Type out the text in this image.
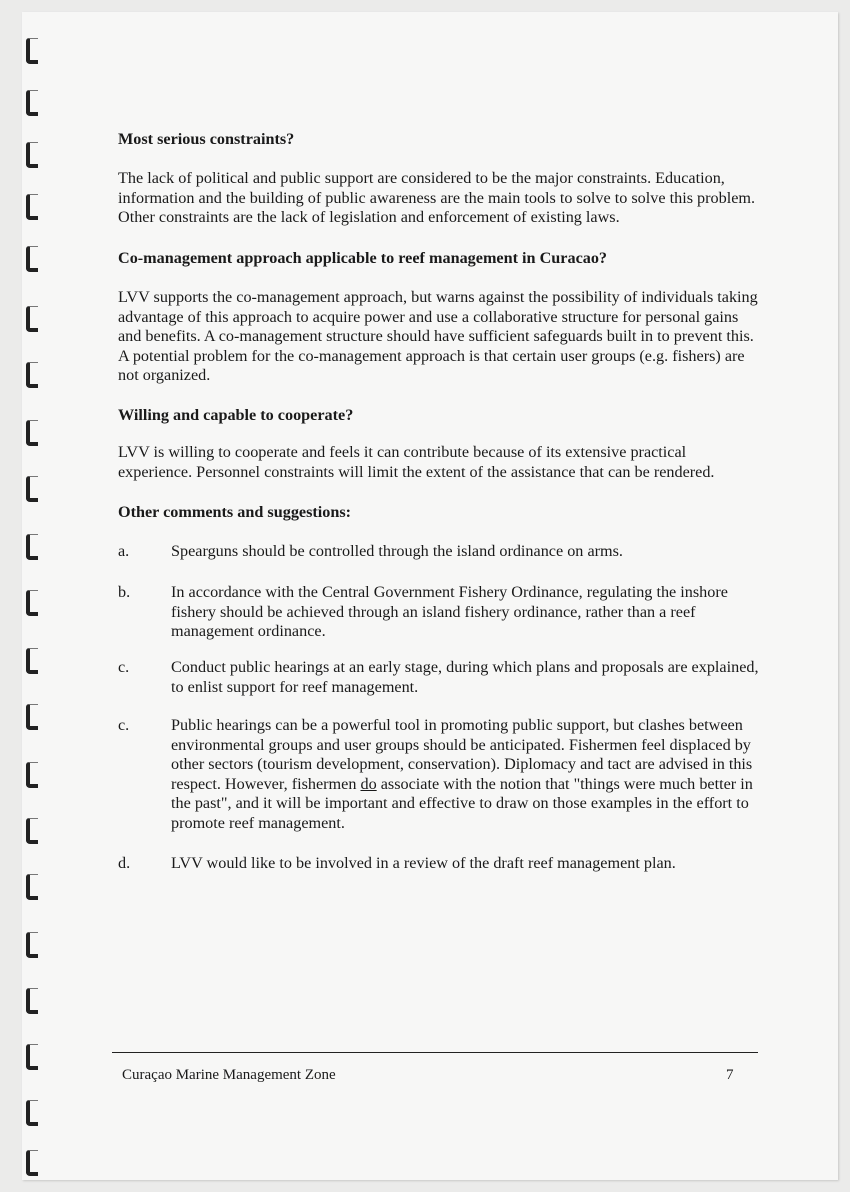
Most serious constraints?

The lack of political and public support are considered to be the major constraints. Education, information and the building of public awareness are the main tools to solve to solve this problem. Other constraints are the lack of legislation and enforcement of existing laws.

Co-management approach applicable to reef management in Curacao?

LVV supports the co-management approach, but warns against the possibility of individuals taking advantage of this approach to acquire power and use a collaborative structure for personal gains and benefits. A co-management structure should have sufficient safeguards built in to prevent this. A potential problem for the co-management approach is that certain user groups (e.g. fishers) are not organized.

Willing and capable to cooperate?

LVV is willing to cooperate and feels it can contribute because of its extensive practical experience. Personnel constraints will limit the extent of the assistance that can be rendered.

Other comments and suggestions:

a.	Spearguns should be controlled through the island ordinance on arms.
b.	In accordance with the Central Government Fishery Ordinance, regulating the inshore fishery should be achieved through an island fishery ordinance, rather than a reef management ordinance.
c.	Conduct public hearings at an early stage, during which plans and proposals are explained, to enlist support for reef management.
c.	Public hearings can be a powerful tool in promoting public support, but clashes between environmental groups and user groups should be anticipated. Fishermen feel displaced by other sectors (tourism development, conservation). Diplomacy and tact are advised in this respect. However, fishermen do associate with the notion that "things were much better in the past", and it will be important and effective to draw on those examples in the effort to promote reef management.
d.	LVV would like to be involved in a review of the draft reef management plan.
Curaçao Marine Management Zone	7
